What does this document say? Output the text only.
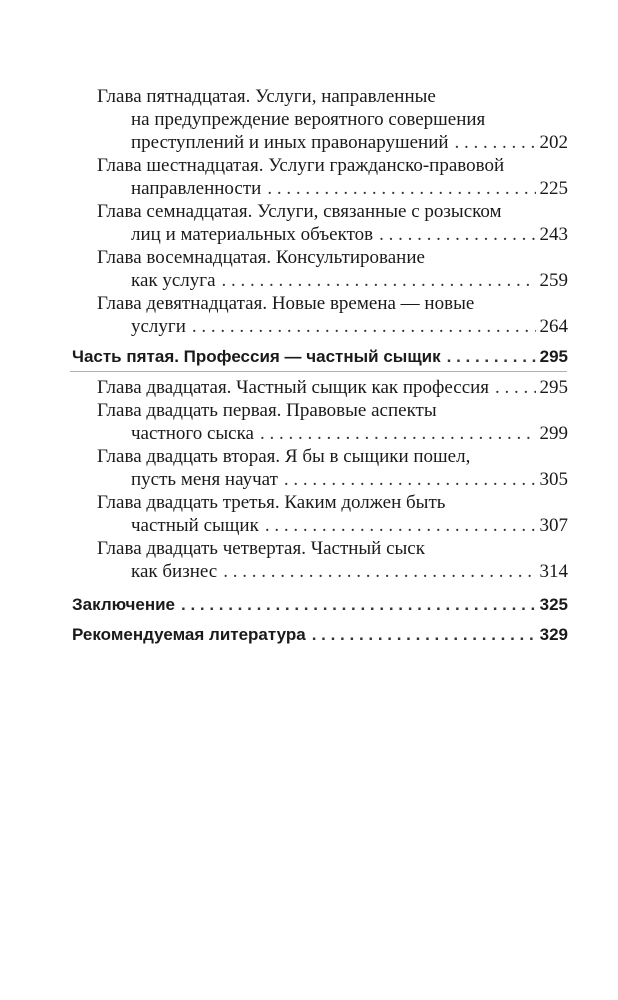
Глава пятнадцатая. Услуги, направленные
на предупреждение вероятного совершения
преступлений и иных правонарушений . . .	202
Глава шестнадцатая. Услуги гражданско-правовой
направленности . . .	225
Глава семнадцатая. Услуги, связанные с розыском
лиц и материальных объектов . . .	243
Глава восемнадцатая. Консультирование
как услуга . . .	259
Глава девятнадцатая. Новые времена — новые
услуги . . .	264
Часть пятая. Профессия — частный сыщик . . .	295
Глава двадцатая. Частный сыщик как профессия . . .	295
Глава двадцать первая. Правовые аспекты
частного сыска . . .	299
Глава двадцать вторая. Я бы в сыщики пошел,
пусть меня научат . . .	305
Глава двадцать третья. Каким должен быть
частный сыщик . . .	307
Глава двадцать четвертая. Частный сыск
как бизнес . . .	314
Заключение . . .	325
Рекомендуемая литература . . .	329
